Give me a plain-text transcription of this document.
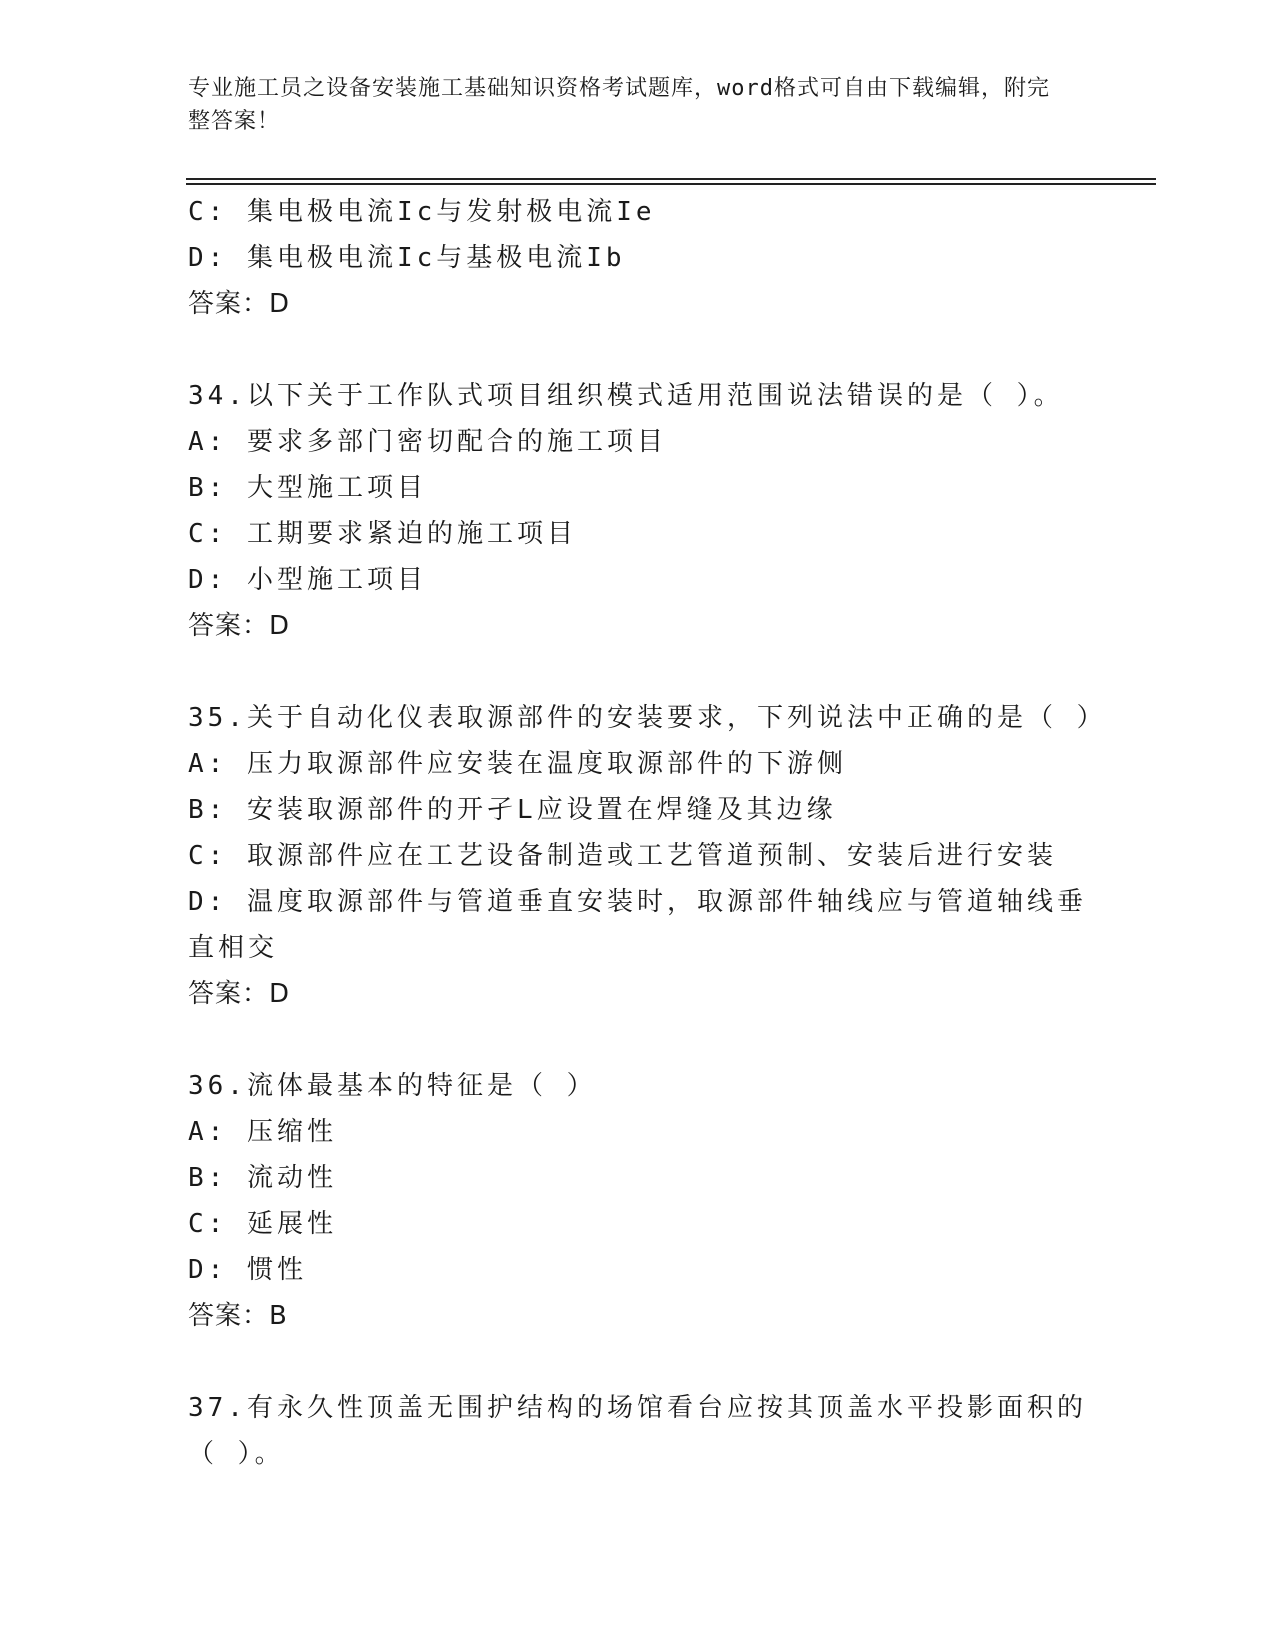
专业施工员之设备安装施工基础知识资格考试题库，word格式可自由下载编辑，附完整答案！
C: 集电极电流Ic与发射极电流Ie
D: 集电极电流Ic与基极电流Ib
答案：D
34.以下关于工作队式项目组织模式适用范围说法错误的是（ ）。
A: 要求多部门密切配合的施工项目
B: 大型施工项目
C: 工期要求紧迫的施工项目
D: 小型施工项目
答案：D
35.关于自动化仪表取源部件的安装要求，下列说法中正确的是（ ）
A: 压力取源部件应安装在温度取源部件的下游侧
B: 安装取源部件的开孑L应设置在焊缝及其边缘
C: 取源部件应在工艺设备制造或工艺管道预制、安装后进行安装
D: 温度取源部件与管道垂直安装时，取源部件轴线应与管道轴线垂直相交
答案：D
36.流体最基本的特征是（ ）
A: 压缩性
B: 流动性
C: 延展性
D: 惯性
答案：B
37.有永久性顶盖无围护结构的场馆看台应按其顶盖水平投影面积的（ ）。
